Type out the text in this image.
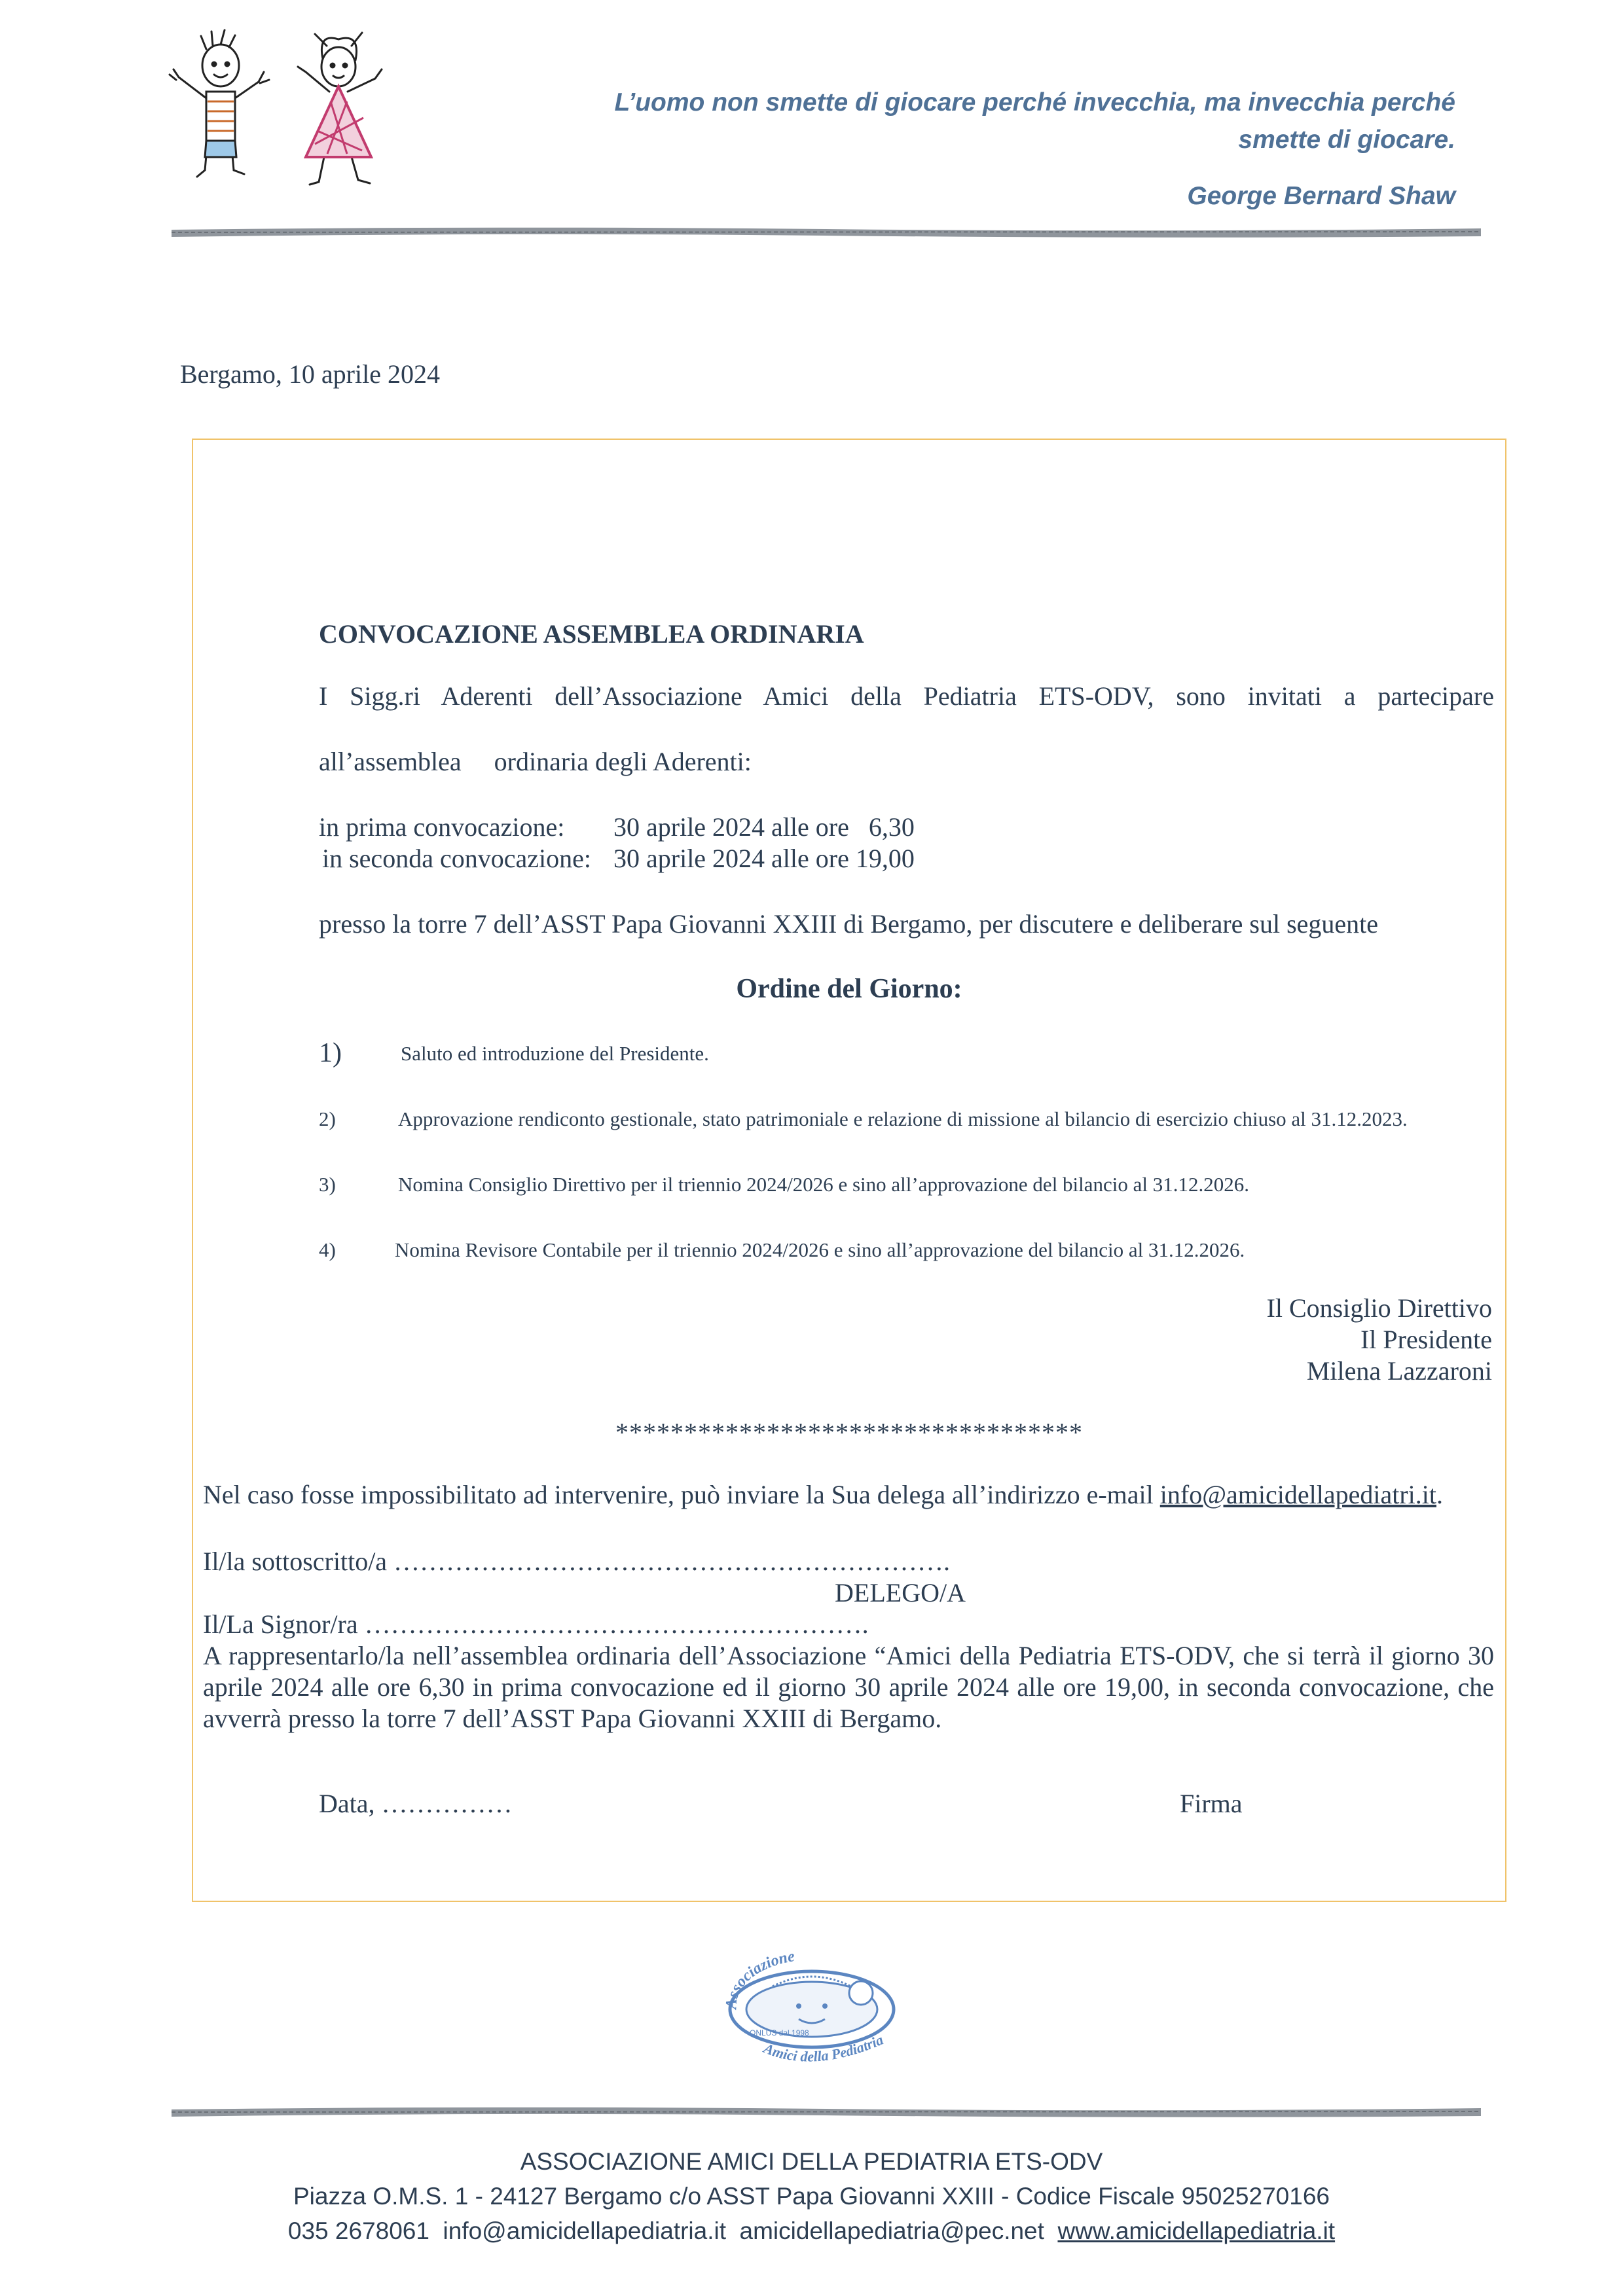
L’uomo non smette di giocare perché invecchia, ma invecchia perché
smette di giocare.
George Bernard Shaw
Bergamo, 10 aprile 2024
CONVOCAZIONE ASSEMBLEA ORDINARIA
I Sigg.ri Aderenti dell’Associazione Amici della Pediatria ETS-ODV, sono invitati a partecipare
all’assemblea     ordinaria degli Aderenti:
in prima convocazione: 30 aprile 2024 alle ore   6,30
in seconda convocazione: 30 aprile 2024 alle ore 19,00
presso la torre 7 dell’ASST Papa Giovanni XXIII di Bergamo, per discutere e deliberare sul seguente
Ordine del Giorno:
1)	Saluto ed introduzione del Presidente.
2)	Approvazione rendiconto gestionale, stato patrimoniale e relazione di missione al bilancio di esercizio chiuso al 31.12.2023.
3)	Nomina Consiglio Direttivo per il triennio 2024/2026 e sino all’approvazione del bilancio al 31.12.2026.
4)	Nomina Revisore Contabile per il triennio 2024/2026 e sino all’approvazione del bilancio al 31.12.2026.
Il Consiglio Direttivo
Il Presidente
Milena Lazzaroni
**********************************
Nel caso fosse impossibilitato ad intervenire, può inviare la Sua delega all’indirizzo e-mail info@amicidellapediatri.it.
Il/la sottoscritto/a ……………………………………………………….
DELEGO/A
Il/La Signor/ra ………………………………………………….
A rappresentarlo/la nell’assemblea ordinaria dell’Associazione “Amici della Pediatria ETS-ODV, che si terrà il giorno 30 aprile 2024 alle ore 6,30 in prima convocazione ed il giorno 30 aprile 2024 alle ore 19,00, in seconda convocazione, che avverrà presso la torre 7 dell’ASST Papa Giovanni XXIII di Bergamo.
Data, ……………	Firma
Associazione
Amici della Pediatria
ONLUS dal 1998
ASSOCIAZIONE AMICI DELLA PEDIATRIA ETS-ODV
Piazza O.M.S. 1 - 24127 Bergamo c/o ASST Papa Giovanni XXIII - Codice Fiscale 95025270166
035 2678061 info@amicidellapediatria.it amicidellapediatria@pec.net www.amicidellapediatria.it
